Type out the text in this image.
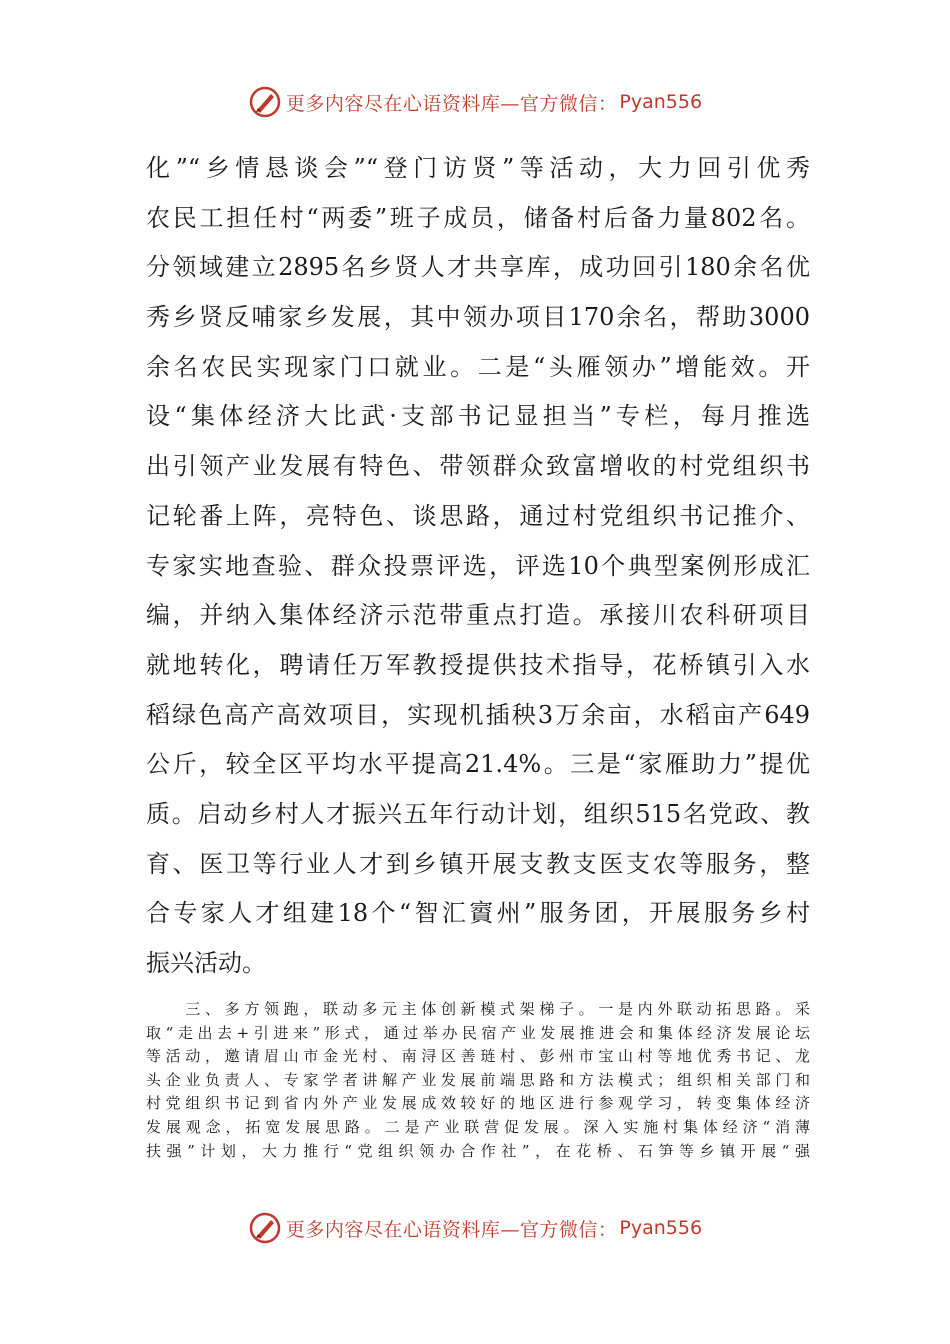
更多内容尽在心语资料库—官方微信： Pyan556
化”“乡情恳谈会”“登门访贤”等活动，大力回引优秀
农民工担任村“两委”班子成员，储备村后备力量802名。
分领域建立2895名乡贤人才共享库，成功回引180余名优
秀乡贤反哺家乡发展，其中领办项目170余名，帮助3000
余名农民实现家门口就业。二是“头雁领办”增能效。开
设“集体经济大比武·支部书记显担当”专栏，每月推选
出引领产业发展有特色、带领群众致富增收的村党组织书
记轮番上阵，亮特色、谈思路，通过村党组织书记推介、
专家实地查验、群众投票评选，评选10个典型案例形成汇
编，并纳入集体经济示范带重点打造。承接川农科研项目
就地转化，聘请任万军教授提供技术指导，花桥镇引入水
稻绿色高产高效项目，实现机插秧3万余亩，水稻亩产649
公斤，较全区平均水平提高21.4%。三是“家雁助力”提优
质。启动乡村人才振兴五年行动计划，组织515名党政、教
育、医卫等行业人才到乡镇开展支教支医支农等服务，整
合专家人才组建18个“智汇賨州”服务团，开展服务乡村
振兴活动。
　　三、多方领跑，联动多元主体创新模式架梯子。一是内外联动拓思路。采
取“走出去+引进来”形式，通过举办民宿产业发展推进会和集体经济发展论坛
等活动，邀请眉山市金光村、南浔区善琏村、彭州市宝山村等地优秀书记、龙
头企业负责人、专家学者讲解产业发展前端思路和方法模式；组织相关部门和
村党组织书记到省内外产业发展成效较好的地区进行参观学习，转变集体经济
发展观念，拓宽发展思路。二是产业联营促发展。深入实施村集体经济“消薄
扶强”计划，大力推行“党组织领办合作社”，在花桥、石笋等乡镇开展“强
更多内容尽在心语资料库—官方微信： Pyan556
